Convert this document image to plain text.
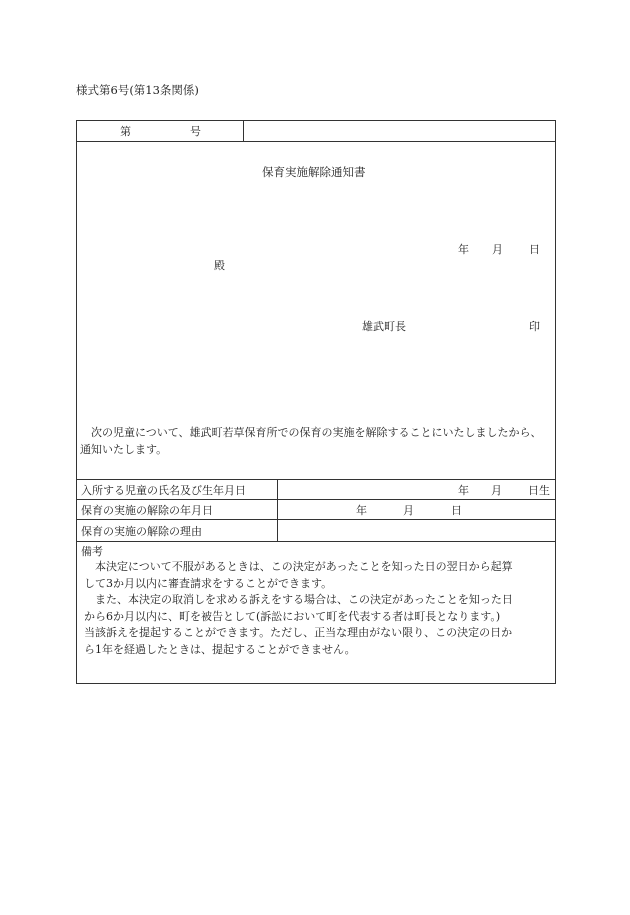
様式第6号(第13条関係)
第	号
保育実施解除通知書
年 月 日
殿
雄武町長	印
次の児童について、雄武町若草保育所での保育の実施を解除することにいたしましたから、通知いたします。
入所する児童の氏名及び生年月日	年 月 日生
保育の実施の解除の年月日	年	月	日
保育の実施の解除の理由
備考

本決定について不服があるときは、この決定があったことを知った日の翌日から起算

して3か月以内に審査請求をすることができます。

また、本決定の取消しを求める訴えをする場合は、この決定があったことを知った日

から6か月以内に、町を被告として(訴訟において町を代表する者は町長となります。)

当該訴えを提起することができます。ただし、正当な理由がない限り、この決定の日か

ら1年を経過したときは、提起することができません。
